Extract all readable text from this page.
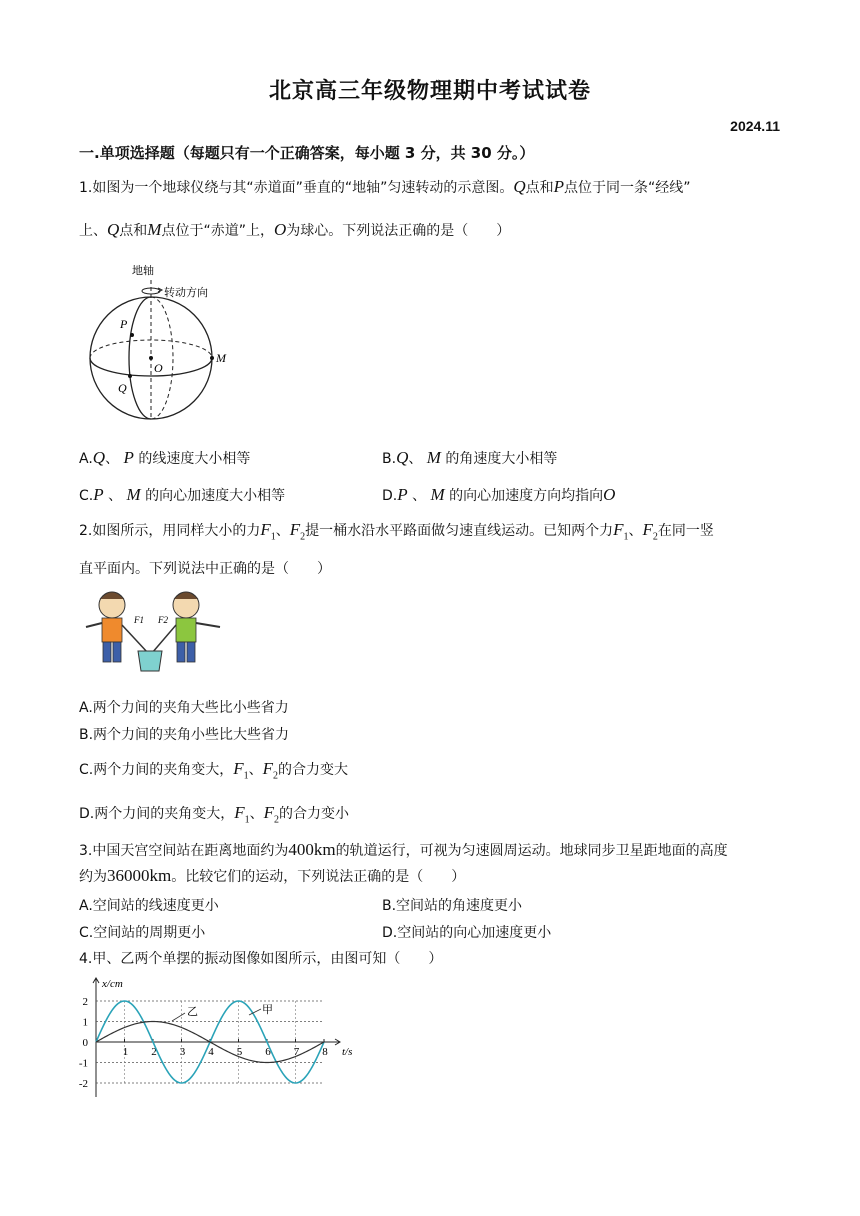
北京高三年级物理期中考试试卷
2024.11
一.单项选择题（每题只有一个正确答案，每小题 3 分，共 30 分。）
1.如图为一个地球仪绕与其“赤道面”垂直的“地轴”匀速转动的示意图。Q点和P点位于同一条“经线”
上、Q点和M点位于“赤道”上，O为球心。下列说法正确的是（　　）
地轴
转动方向
P
O
M
Q
A.Q、 P 的线速度大小相等	B.Q、 M 的角速度大小相等
C.P 、 M 的向心加速度大小相等	D.P 、 M 的向心加速度方向均指向O
2.如图所示，用同样大小的力$F_1$、$F_2$提一桶水沿水平路面做匀速直线运动。已知两个力$F_1$、$F_2$在同一竖
直平面内。下列说法中正确的是（　　）
F1 F2
A.两个力间的夹角大些比小些省力
B.两个力间的夹角小些比大些省力
C.两个力间的夹角变大，$F_1$、$F_2$的合力变大
D.两个力间的夹角变大，$F_1$、$F_2$的合力变小
3.中国天宫空间站在距离地面约为400km的轨道运行，可视为匀速圆周运动。地球同步卫星距地面的高度
约为36000km。比较它们的运动，下列说法正确的是（　　）
A.空间站的线速度更小	B.空间站的角速度更小
C.空间站的周期更小	D.空间站的向心加速度更小
4.甲、乙两个单摆的振动图像如图所示，由图可知（　　）
2
1
0
-1
-2
1 2 3 4 5 6 7 8
x/cm
t/s
乙	甲
